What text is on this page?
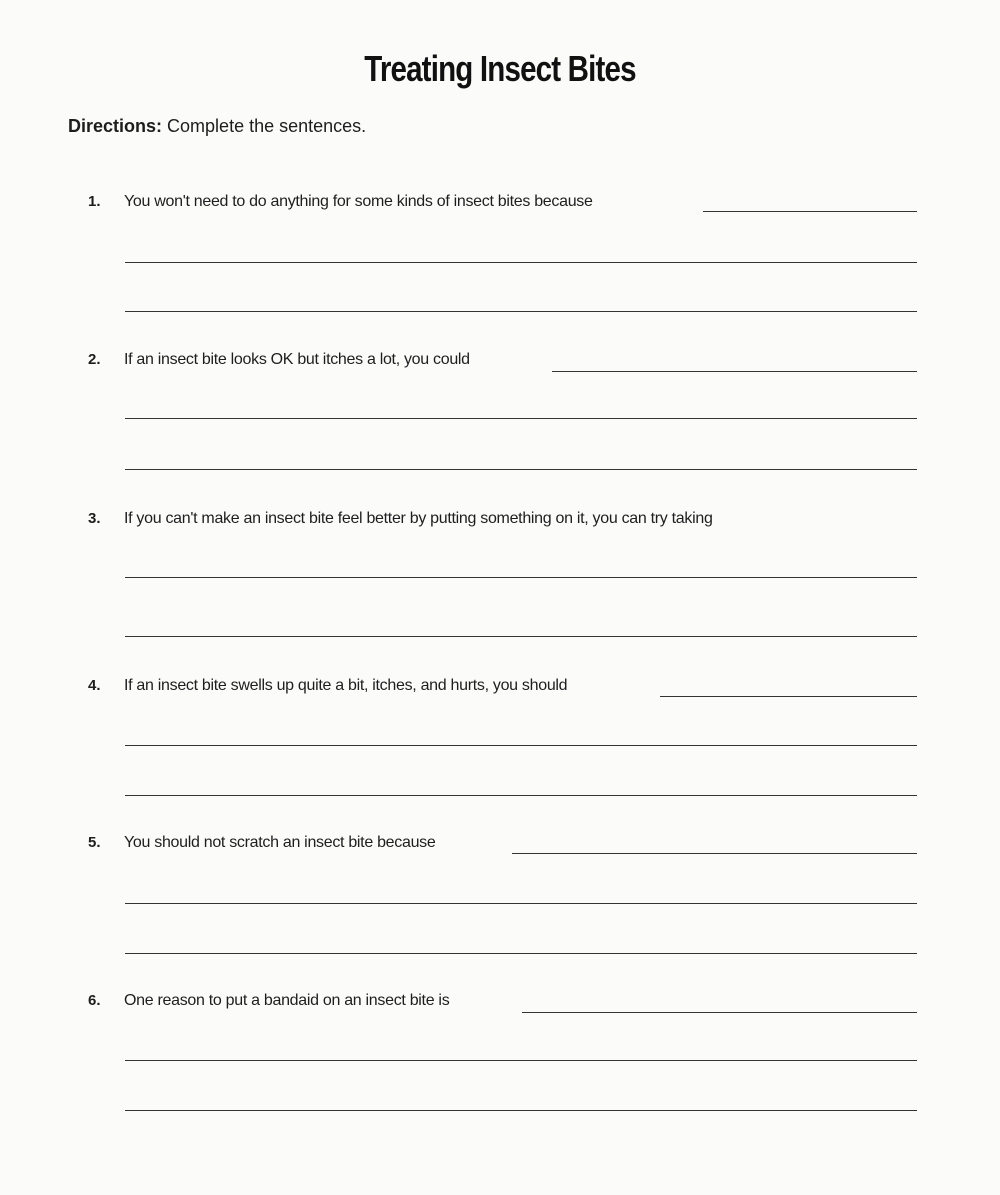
Treating Insect Bites
Directions: Complete the sentences.
1. You won't need to do anything for some kinds of insect bites because
2. If an insect bite looks OK but itches a lot, you could
3. If you can't make an insect bite feel better by putting something on it, you can try taking
4. If an insect bite swells up quite a bit, itches, and hurts, you should
5. You should not scratch an insect bite because
6. One reason to put a bandaid on an insect bite is
